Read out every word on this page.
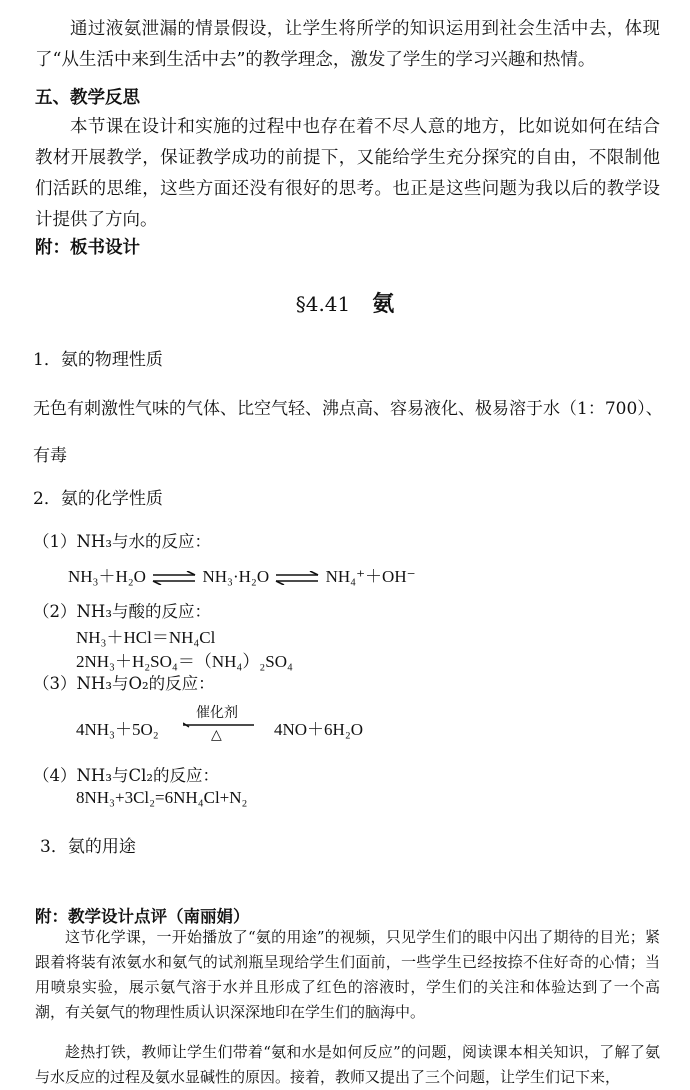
通过液氨泄漏的情景假设，让学生将所学的知识运用到社会生活中去，体现了“从生活中来到生活中去”的教学理念，激发了学生的学习兴趣和热情。

五、教学反思

本节课在设计和实施的过程中也存在着不尽人意的地方，比如说如何在结合教材开展教学，保证教学成功的前提下，又能给学生充分探究的自由，不限制他们活跃的思维，这些方面还没有很好的思考。也正是这些问题为我以后的教学设计提供了方向。

附：板书设计

§4.41 氨

1．氨的物理性质

无色有刺激性气味的气体、比空气轻、沸点高、容易液化、极易溶于水（1：700）、

有毒

2．氨的化学性质

（1）NH₃与水的反应：

NH₃＋H₂O ⇌ NH₃·H₂O ⇌ NH₄⁺＋OH⁻

（2）NH₃与酸的反应：

NH₃＋HCl＝NH₄Cl

2NH₃＋H₂SO₄＝（NH₄）₂SO₄

（3）NH₃与O₂的反应：

4NH₃＋5O₂

催化剂
△	4NO＋6H₂O

（4）NH₃与Cl₂的反应：

8NH₃+3Cl₂=6NH₄Cl+N₂

3．氨的用途

附：教学设计点评（南丽娟）

这节化学课，一开始播放了“氨的用途”的视频，只见学生们的眼中闪出了期待的目光；紧跟着将装有浓氨水和氨气的试剂瓶呈现给学生们面前，一些学生已经按捺不住好奇的心情；当用喷泉实验，展示氨气溶于水并且形成了红色的溶液时，学生们的关注和体验达到了一个高潮，有关氨气的物理性质认识深深地印在学生们的脑海中。

趁热打铁，教师让学生们带着“氨和水是如何反应”的问题，阅读课本相关知识，了解了氨与水反应的过程及氨水显碱性的原因。接着，教师又提出了三个问题，让学生们记下来，
